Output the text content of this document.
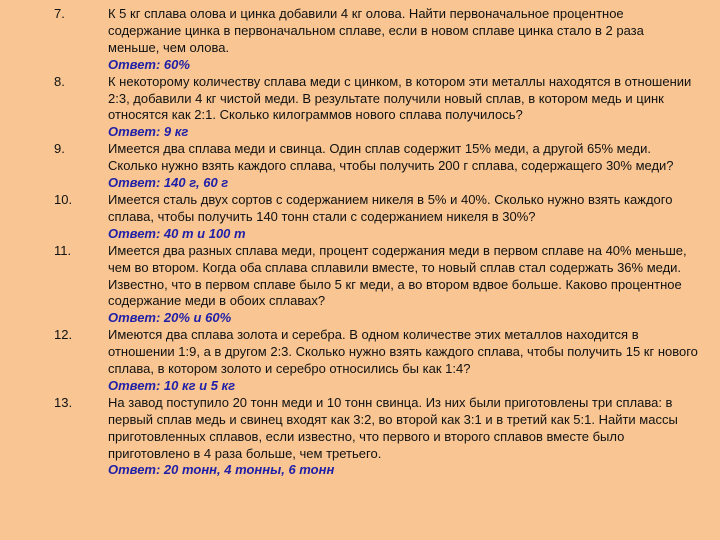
7.	К 5 кг сплава олова и цинка добавили 4 кг олова. Найти первоначальное процентное содержание цинка в первоначальном сплаве, если в новом сплаве цинка стало в 2 раза меньше, чем олова.
Ответ: 60%
8.	К некоторому количеству сплава меди с цинком, в котором эти металлы находятся в отношении 2:3, добавили 4 кг чистой меди. В результате получили новый сплав, в котором медь и цинк относятся как 2:1. Сколько килограммов нового сплава получилось?
Ответ: 9 кг
9.	Имеется два сплава меди и свинца. Один сплав содержит 15% меди, а другой 65% меди. Сколько нужно взять каждого сплава, чтобы получить 200 г сплава, содержащего 30% меди?
Ответ: 140 г, 60 г
10.	Имеется сталь двух сортов с содержанием никеля в 5% и 40%. Сколько нужно взять каждого сплава, чтобы получить 140 тонн стали с содержанием никеля в 30%?
Ответ: 40 т и 100 т
11.	Имеется два разных сплава меди, процент содержания меди в первом сплаве на 40% меньше, чем во втором. Когда оба сплава сплавили вместе, то новый сплав стал содержать 36% меди. Известно, что в первом сплаве было 5 кг меди, а во втором вдвое больше. Каково процентное содержание меди в обоих сплавах?
Ответ: 20% и 60%
12.	Имеются два сплава золота и серебра. В одном количестве этих металлов находится в отношении 1:9, а в другом 2:3. Сколько нужно взять каждого сплава, чтобы получить 15 кг нового сплава, в котором золото и серебро относились бы как 1:4?
Ответ: 10 кг и 5 кг
13.	На завод поступило 20 тонн меди и 10 тонн свинца. Из них были приготовлены три сплава: в первый сплав медь и свинец входят как 3:2, во второй как 3:1 и в третий как 5:1. Найти массы приготовленных сплавов, если известно, что первого и второго сплавов вместе было приготовлено в 4 раза больше, чем третьего.
Ответ: 20 тонн, 4 тонны, 6 тонн
